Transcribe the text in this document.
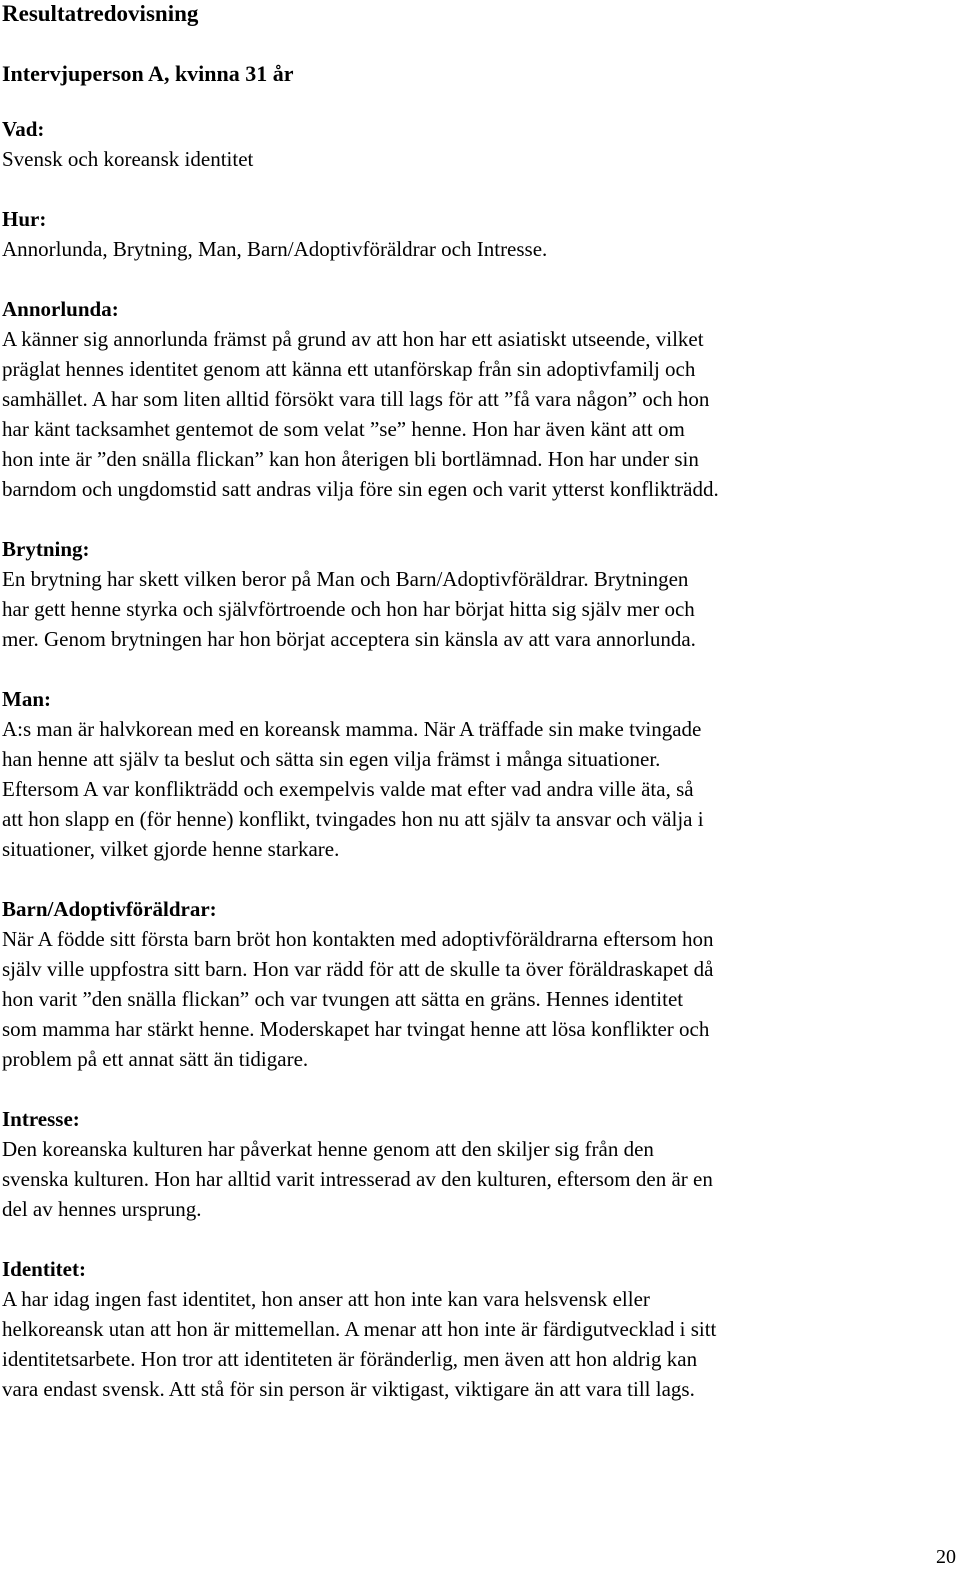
Resultatredovisning
Intervjuperson A, kvinna 31 år
Vad:
Svensk och koreansk identitet
Hur:
Annorlunda, Brytning, Man, Barn/Adoptivföräldrar och Intresse.
Annorlunda:
A känner sig annorlunda främst på grund av att hon har ett asiatiskt utseende, vilket
präglat hennes identitet genom att känna ett utanförskap från sin adoptivfamilj och
samhället. A har som liten alltid försökt vara till lags för att ”få vara någon” och hon
har känt tacksamhet gentemot de som velat ”se” henne. Hon har även känt att om
hon inte är ”den snälla flickan” kan hon återigen bli bortlämnad. Hon har under sin
barndom och ungdomstid satt andras vilja före sin egen och varit ytterst konflikträdd.
Brytning:
En brytning har skett vilken beror på Man och Barn/Adoptivföräldrar. Brytningen
har gett henne styrka och självförtroende och hon har börjat hitta sig själv mer och
mer. Genom brytningen har hon börjat acceptera sin känsla av att vara annorlunda.
Man:
A:s man är halvkorean med en koreansk mamma. När A träffade sin make tvingade
han henne att själv ta beslut och sätta sin egen vilja främst i många situationer.
Eftersom A var konflikträdd och exempelvis valde mat efter vad andra ville äta, så
att hon slapp en (för henne) konflikt, tvingades hon nu att själv ta ansvar och välja i
situationer, vilket gjorde henne starkare.
Barn/Adoptivföräldrar:
När A födde sitt första barn bröt hon kontakten med adoptivföräldrarna eftersom hon
själv ville uppfostra sitt barn. Hon var rädd för att de skulle ta över föräldraskapet då
hon varit ”den snälla flickan” och var tvungen att sätta en gräns. Hennes identitet
som mamma har stärkt henne. Moderskapet har tvingat henne att lösa konflikter och
problem på ett annat sätt än tidigare.
Intresse:
Den koreanska kulturen har påverkat henne genom att den skiljer sig från den
svenska kulturen. Hon har alltid varit intresserad av den kulturen, eftersom den är en
del av hennes ursprung.
Identitet:
A har idag ingen fast identitet, hon anser att hon inte kan vara helsvensk eller
helkoreansk utan att hon är mittemellan. A menar att hon inte är färdigutvecklad i sitt
identitetsarbete. Hon tror att identiteten är föränderlig, men även att hon aldrig kan
vara endast svensk. Att stå för sin person är viktigast, viktigare än att vara till lags.
20
